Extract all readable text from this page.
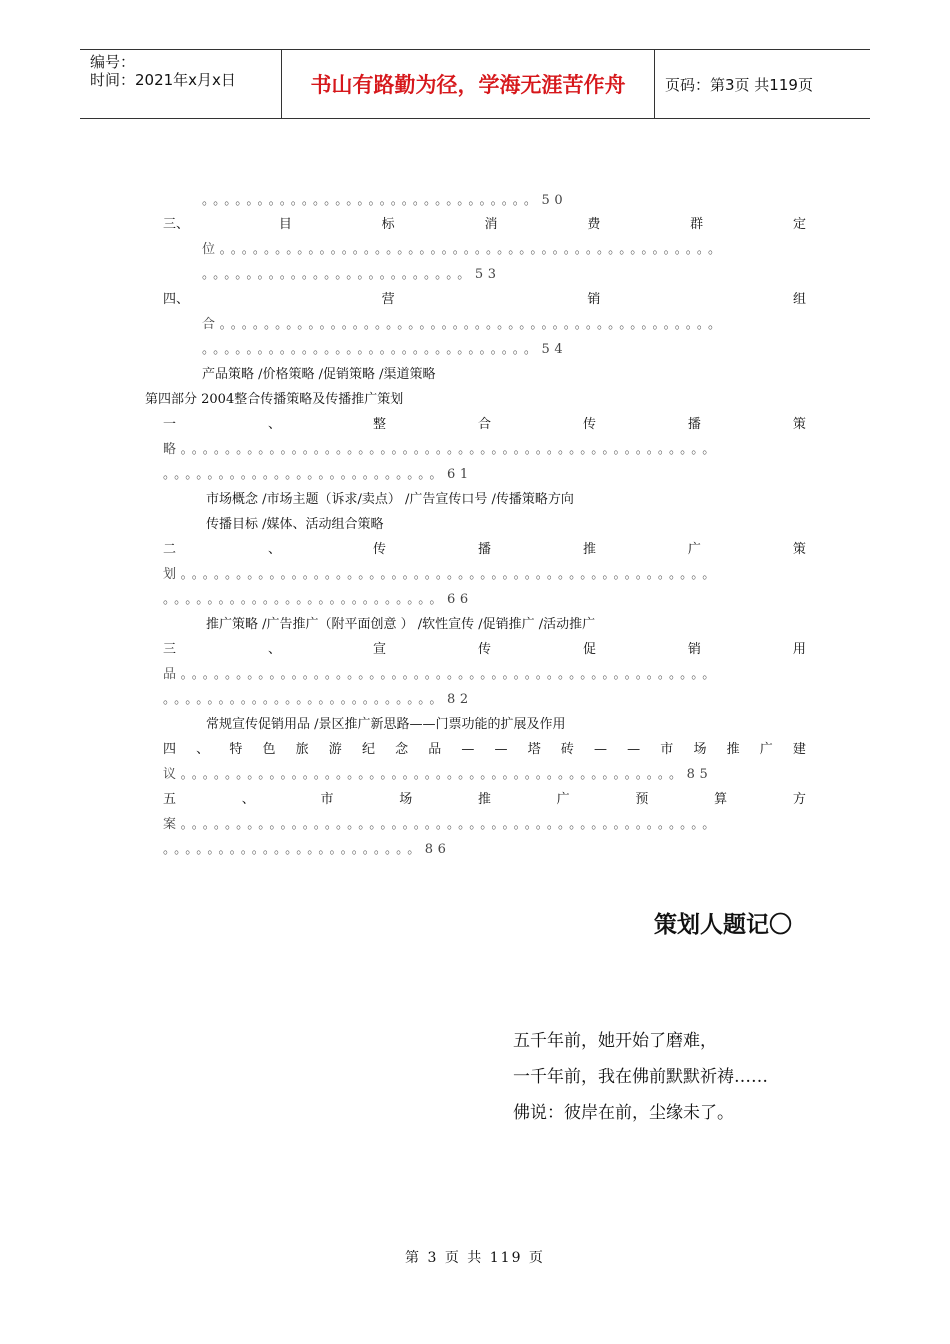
编号：
时间：2021年x月x日	书山有路勤为径，学海无涯苦作舟	页码：第3页 共119页
。。。。。。。。。。。。。。。。。。。。。。。。。。。。。。50
三、	目	标	消	费	群	定
位。。。。。。。。。。。。。。。。。。。。。。。。。。。。。。。。。。。。。。。。。。。。。
。。。。。。。。。。。。。。。。。。。。。。。。53
四、	营	销	组
合。。。。。。。。。。。。。。。。。。。。。。。。。。。。。。。。。。。。。。。。。。。。。
。。。。。。。。。。。。。。。。。。。。。。。。。。。。。。54
产品策略 /价格策略 /促销策略 /渠道策略
第四部分 2004整合传播策略及传播推广策划
一	、	整	合	传	播	策
略。。。。。。。。。。。。。。。。。。。。。。。。。。。。。。。。。。。。。。。。。。。。。。。。
。。。。。。。。。。。。。。。。。。。。。。。。。61
市场概念 /市场主题（诉求/卖点） /广告宣传口号 /传播策略方向
传播目标 /媒体、活动组合策略
二	、	传	播	推	广	策
划。。。。。。。。。。。。。。。。。。。。。。。。。。。。。。。。。。。。。。。。。。。。。。。。
。。。。。。。。。。。。。。。。。。。。。。。。。66
推广策略 /广告推广（附平面创意 ） /软性宣传 /促销推广 /活动推广
三	、	宣	传	促	销	用
品。。。。。。。。。。。。。。。。。。。。。。。。。。。。。。。。。。。。。。。。。。。。。。。。
。。。。。。。。。。。。。。。。。。。。。。。。。82
常规宣传促销用品 /景区推广新思路——门票功能的扩展及作用
四 、 特 色 旅 游 纪 念 品 — — 塔 砖 — — 市 场 推 广 建
议。。。。。。。。。。。。。。。。。。。。。。。。。。。。。。。。。。。。。。。。。。。。。85
五	、	市	场	推	广	预	算	方
案。。。。。。。。。。。。。。。。。。。。。。。。。。。。。。。。。。。。。。。。。。。。。。。。
。。。。。。。。。。。。。。。。。。。。。。。86
策划人题记〇
五千年前，她开始了磨难，
一千年前，我在佛前默默祈祷……
佛说：彼岸在前，尘缘未了。
第 3 页 共 119 页
